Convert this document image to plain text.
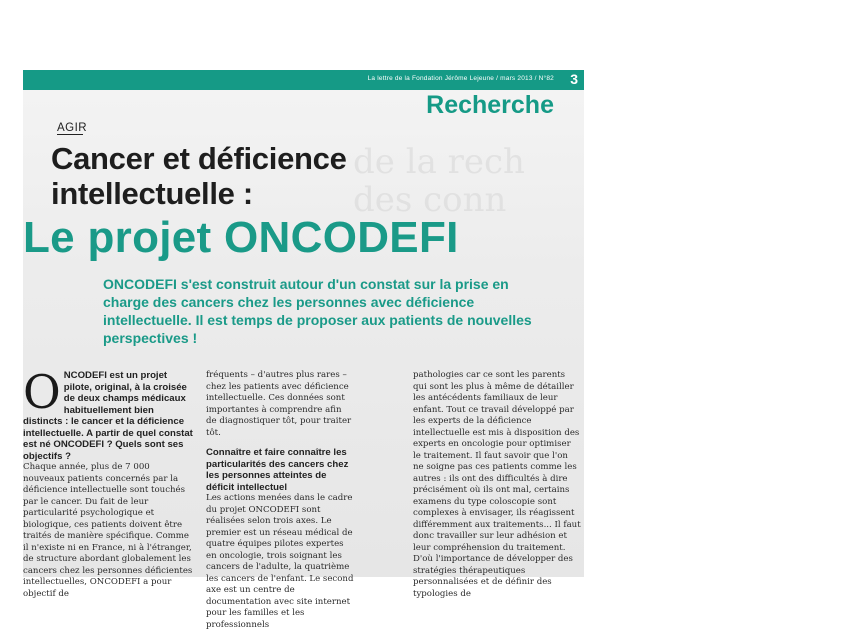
de la rech
des conn
La lettre de la Fondation Jérôme Lejeune / mars 2013 / N°82 3
Recherche
AGIR
Cancer et déficience intellectuelle :
Le projet ONCODEFI
ONCODEFI s'est construit autour d'un constat sur la prise en charge des cancers chez les personnes avec déficience intellectuelle. Il est temps de proposer aux patients de nouvelles perspectives !
O NCODEFI est un projet pilote, original, à la croisée de deux champs médicaux habituellement bien distincts : le cancer et la déficience intellectuelle. A partir de quel constat est né ONCODEFI ? Quels sont ses objectifs ?

Chaque année, plus de 7 000 nouveaux patients concernés par la déficience intellectuelle sont touchés par le cancer. Du fait de leur particularité psychologique et biologique, ces patients doivent être traités de manière spécifique. Comme il n'existe ni en France, ni à l'étranger, de structure abordant globalement les cancers chez les personnes déficientes intellectuelles, ONCODEFI a pour objectif de

fréquents – d'autres plus rares – chez les patients avec déficience intellectuelle. Ces données sont importantes à comprendre afin de diagnostiquer tôt, pour traiter tôt.

Connaître et faire connaître les particularités des cancers chez les personnes atteintes de déficit intellectuel

Les actions menées dans le cadre du projet ONCODEFI sont réalisées selon trois axes. Le premier est un réseau médical de quatre équipes pilotes expertes en oncologie, trois soignant les cancers de l'adulte, la quatrième les cancers de l'enfant. Le second axe est un centre de documentation avec site internet pour les familles et les professionnels

pathologies car ce sont les parents qui sont les plus à même de détailler les antécédents familiaux de leur enfant. Tout ce travail développé par les experts de la déficience intellectuelle est mis à disposition des experts en oncologie pour optimiser le traitement. Il faut savoir que l'on ne soigne pas ces patients comme les autres : ils ont des difficultés à dire précisément où ils ont mal, certains examens du type coloscopie sont complexes à envisager, ils réagissent différemment aux traitements... Il faut donc travailler sur leur adhésion et leur compréhension du traitement. D'où l'importance de développer des stratégies thérapeutiques personnalisées et de définir des typologies de
